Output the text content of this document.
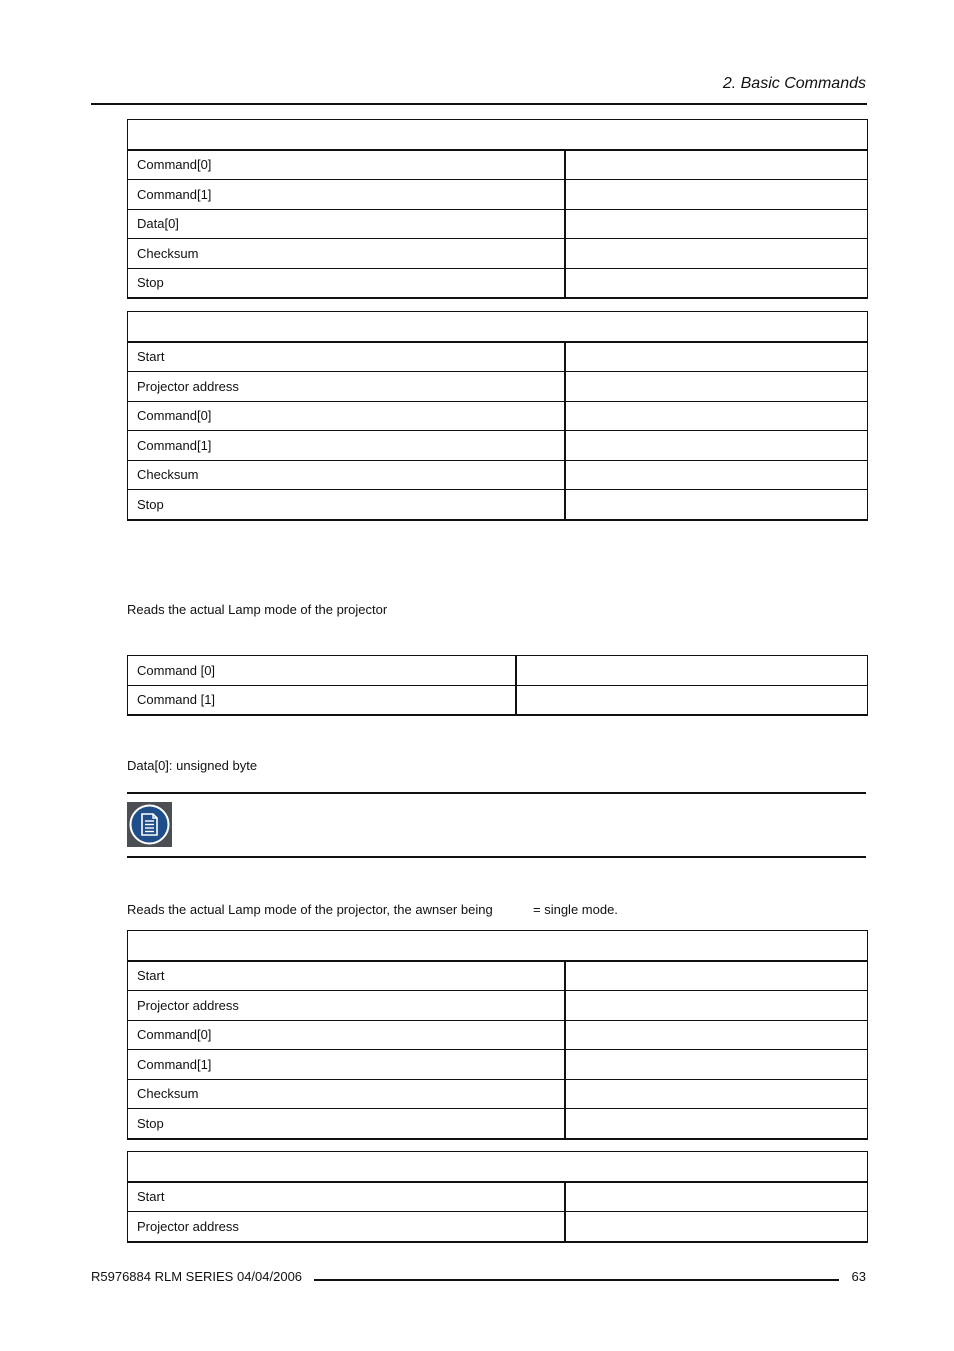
2. Basic Commands

Command[0]	
Command[1]	
Data[0]	
Checksum	
Stop	

Start	
Projector address	
Command[0]	
Command[1]	
Checksum	
Stop	
Reads the actual Lamp mode of the projector
Command [0]	
Command [1]	
Data[0]: unsigned byte
Reads the actual Lamp mode of the projector, the awnser being	= single mode.

Start	
Projector address	
Command[0]	
Command[1]	
Checksum	
Stop	

Start	
Projector address	
R5976884 RLM SERIES 04/04/2006	63
